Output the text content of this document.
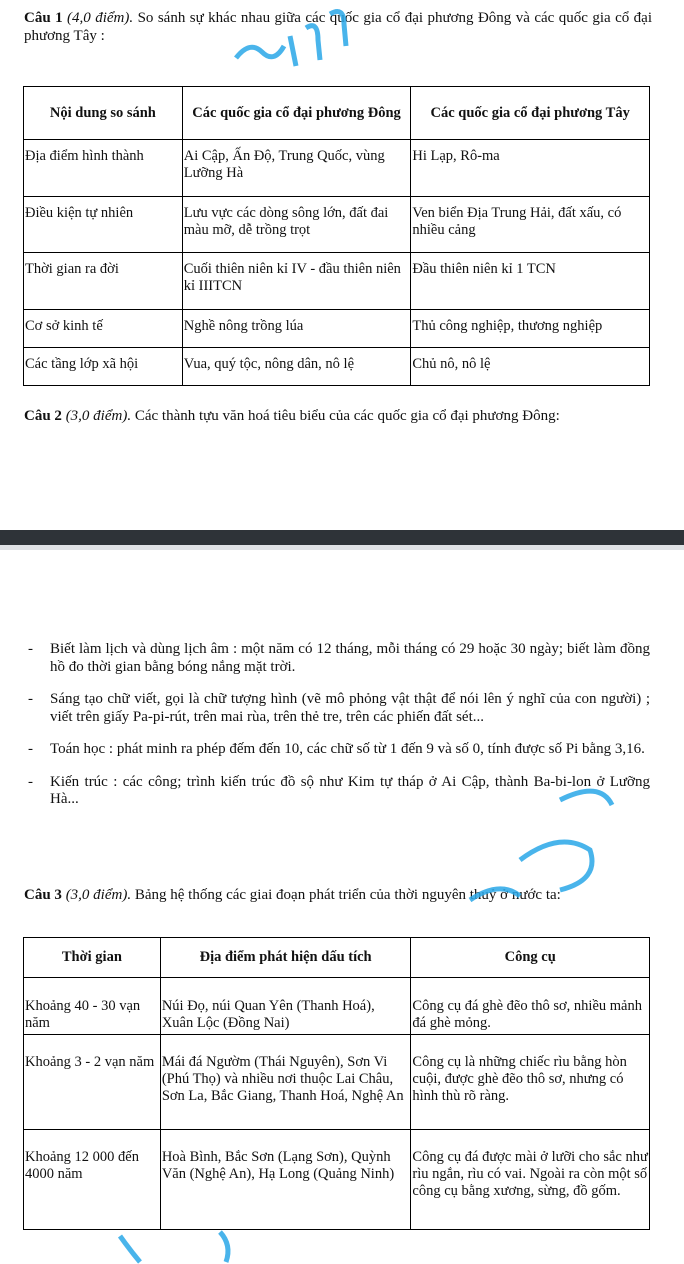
Câu 1 (4,0 điểm). So sánh sự khác nhau giữa các quốc gia cổ đại phương Đông và các quốc gia cổ đại phương Tây :
Nội dung so sánh	Các quốc gia cổ đại phương Đông	Các quốc gia cổ đại phương Tây
Địa điểm hình thành	Ai Cập, Ấn Độ, Trung Quốc, vùng Lưỡng Hà	Hi Lạp, Rô-ma
Điều kiện tự nhiên	Lưu vực các dòng sông lớn, đất đai màu mỡ, dễ trồng trọt	Ven biển Địa Trung Hải, đất xấu, có nhiều cảng
Thời gian ra đời	Cuối thiên niên kỉ IV - đầu thiên niên kỉ IIITCN	Đầu thiên niên kỉ 1 TCN
Cơ sở kinh tế	Nghề nông trồng lúa	Thủ công nghiệp, thương nghiệp
Các tầng lớp xã hội	Vua, quý tộc, nông dân, nô lệ	Chủ nô, nô lệ
Câu 2 (3,0 điểm). Các thành tựu văn hoá tiêu biểu của các quốc gia cổ đại phương Đông:
- Biết làm lịch và dùng lịch âm : một năm có 12 tháng, mỗi tháng có 29 hoặc 30 ngày; biết làm đồng hồ đo thời gian bằng bóng nắng mặt trời.
- Sáng tạo chữ viết, gọi là chữ tượng hình (vẽ mô phỏng vật thật để nói lên ý nghĩ của con người) ; viết trên giấy Pa-pi-rút, trên mai rùa, trên thẻ tre, trên các phiến đất sét...
- Toán học : phát minh ra phép đếm đến 10, các chữ số từ 1 đến 9 và số 0, tính được số Pi bằng 3,16.
- Kiến trúc : các công; trình kiến trúc đồ sộ như Kim tự tháp ở Ai Cập, thành Ba-bi-lon ở Lưỡng Hà...
Câu 3 (3,0 điểm). Bảng hệ thống các giai đoạn phát triển của thời nguyên thuỷ ở nước ta:
Thời gian	Địa điểm phát hiện dấu tích	Công cụ
Khoảng 40 - 30 vạn năm	Núi Đọ, núi Quan Yên (Thanh Hoá), Xuân Lộc (Đồng Nai)	Công cụ đá ghè đẽo thô sơ, nhiều mảnh đá ghè mỏng.
Khoảng 3 - 2 vạn năm	Mái đá Ngườm (Thái Nguyên), Sơn Vi (Phú Thọ) và nhiều nơi thuộc Lai Châu, Sơn La, Bắc Giang, Thanh Hoá, Nghệ An	Công cụ là những chiếc rìu bằng hòn cuội, được ghè đẽo thô sơ, nhưng có hình thù rõ ràng.
Khoảng 12 000 đến 4000 năm	Hoà Bình, Bắc Sơn (Lạng Sơn), Quỳnh Văn (Nghệ An), Hạ Long (Quảng Ninh)	Công cụ đá được mài ở lưỡi cho sắc như rìu ngắn, rìu có vai. Ngoài ra còn một số công cụ bằng xương, sừng, đồ gốm.
